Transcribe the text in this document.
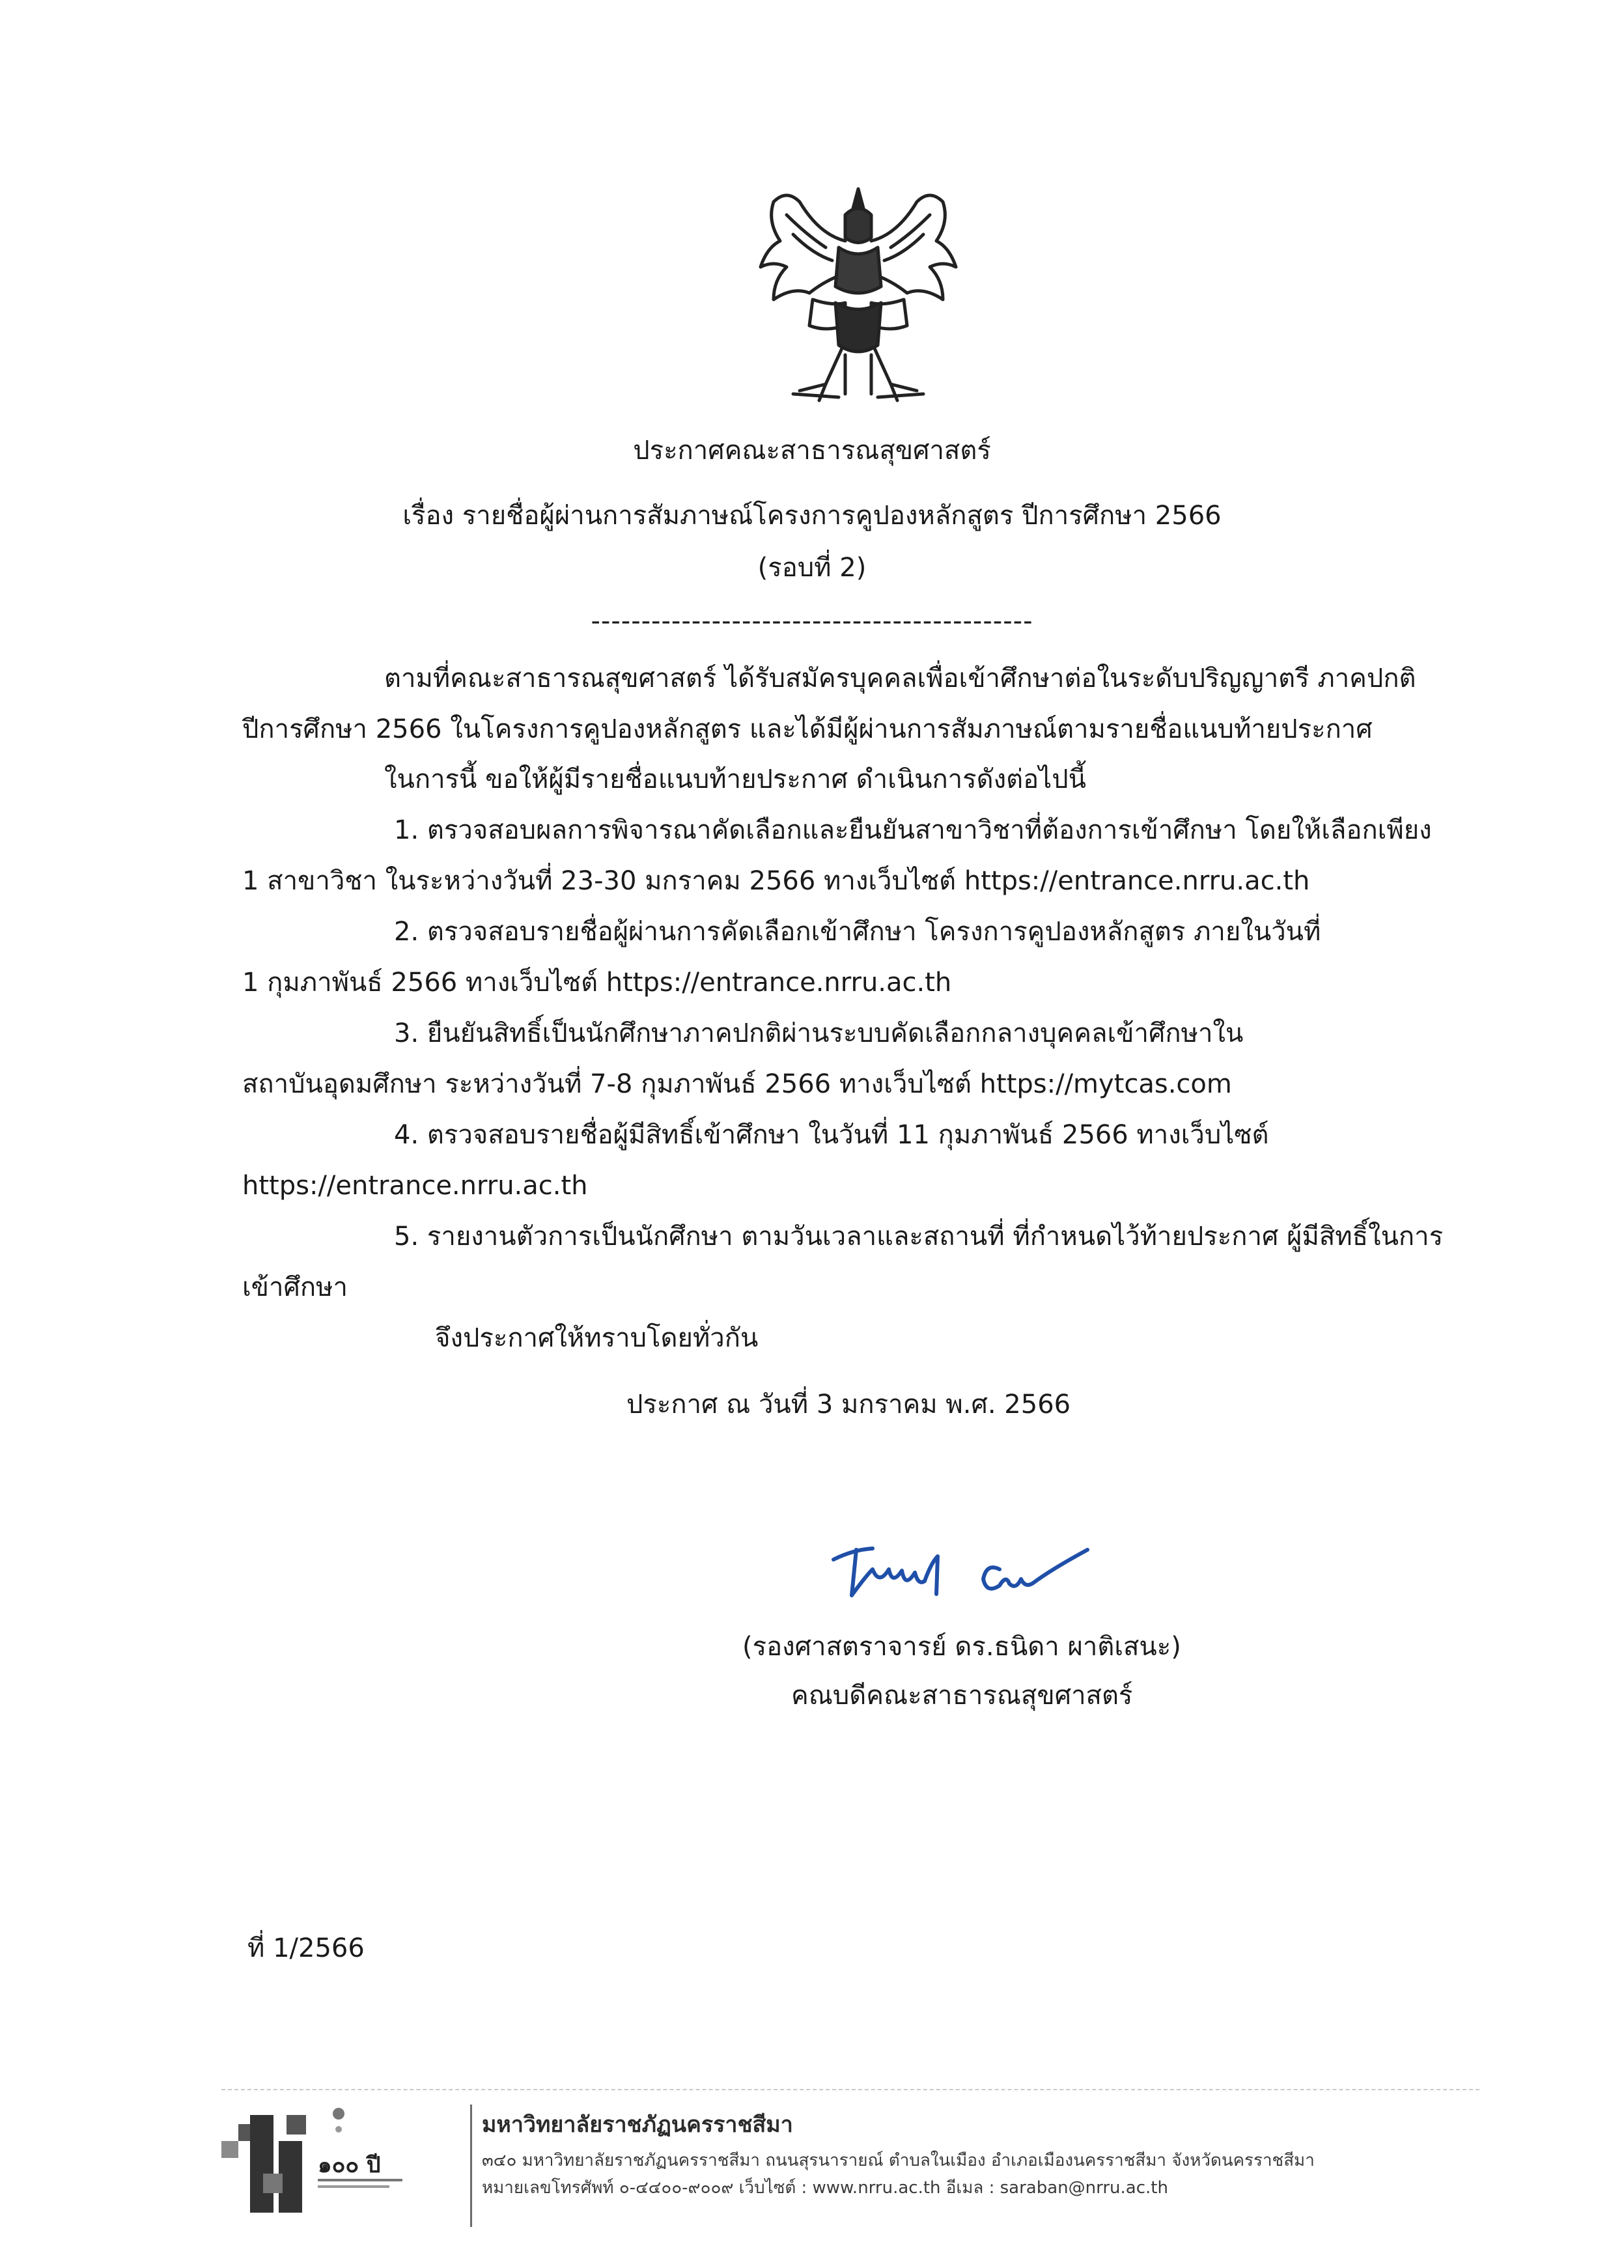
ประกาศคณะสาธารณสุขศาสตร์
เรื่อง รายชื่อผู้ผ่านการสัมภาษณ์โครงการคูปองหลักสูตร ปีการศึกษา 2566
(รอบที่ 2)
--------------------------------------------
ตามที่คณะสาธารณสุขศาสตร์ ได้รับสมัครบุคคลเพื่อเข้าศึกษาต่อในระดับปริญญาตรี ภาคปกติ
ปีการศึกษา 2566 ในโครงการคูปองหลักสูตร และได้มีผู้ผ่านการสัมภาษณ์ตามรายชื่อแนบท้ายประกาศ
ในการนี้ ขอให้ผู้มีรายชื่อแนบท้ายประกาศ ดำเนินการดังต่อไปนี้
1. ตรวจสอบผลการพิจารณาคัดเลือกและยืนยันสาขาวิชาที่ต้องการเข้าศึกษา โดยให้เลือกเพียง
1 สาขาวิชา ในระหว่างวันที่ 23-30 มกราคม 2566 ทางเว็บไซต์ https://entrance.nrru.ac.th
2. ตรวจสอบรายชื่อผู้ผ่านการคัดเลือกเข้าศึกษา โครงการคูปองหลักสูตร ภายในวันที่
1 กุมภาพันธ์ 2566 ทางเว็บไซต์ https://entrance.nrru.ac.th
3. ยืนยันสิทธิ์เป็นนักศึกษาภาคปกติผ่านระบบคัดเลือกกลางบุคคลเข้าศึกษาใน
สถาบันอุดมศึกษา ระหว่างวันที่ 7-8 กุมภาพันธ์ 2566 ทางเว็บไซต์ https://mytcas.com
4. ตรวจสอบรายชื่อผู้มีสิทธิ์เข้าศึกษา ในวันที่ 11 กุมภาพันธ์ 2566 ทางเว็บไซต์
https://entrance.nrru.ac.th
5. รายงานตัวการเป็นนักศึกษา ตามวันเวลาและสถานที่ ที่กำหนดไว้ท้ายประกาศ ผู้มีสิทธิ์ในการ
เข้าศึกษา
จึงประกาศให้ทราบโดยทั่วกัน
ประกาศ ณ วันที่ 3 มกราคม พ.ศ. 2566
(รองศาสตราจารย์ ดร.ธนิดา ผาติเสนะ)
คณบดีคณะสาธารณสุขศาสตร์
ที่ 1/2566
๑๐๐ ปี
มหาวิทยาลัยราชภัฏนครราชสีมา
๓๔๐ มหาวิทยาลัยราชภัฏนครราชสีมา ถนนสุรนารายณ์ ตำบลในเมือง อำเภอเมืองนครราชสีมา จังหวัดนครราชสีมา
หมายเลขโทรศัพท์ ๐-๔๔๐๐-๙๐๐๙ เว็บไซต์ : www.nrru.ac.th อีเมล : saraban@nrru.ac.th
